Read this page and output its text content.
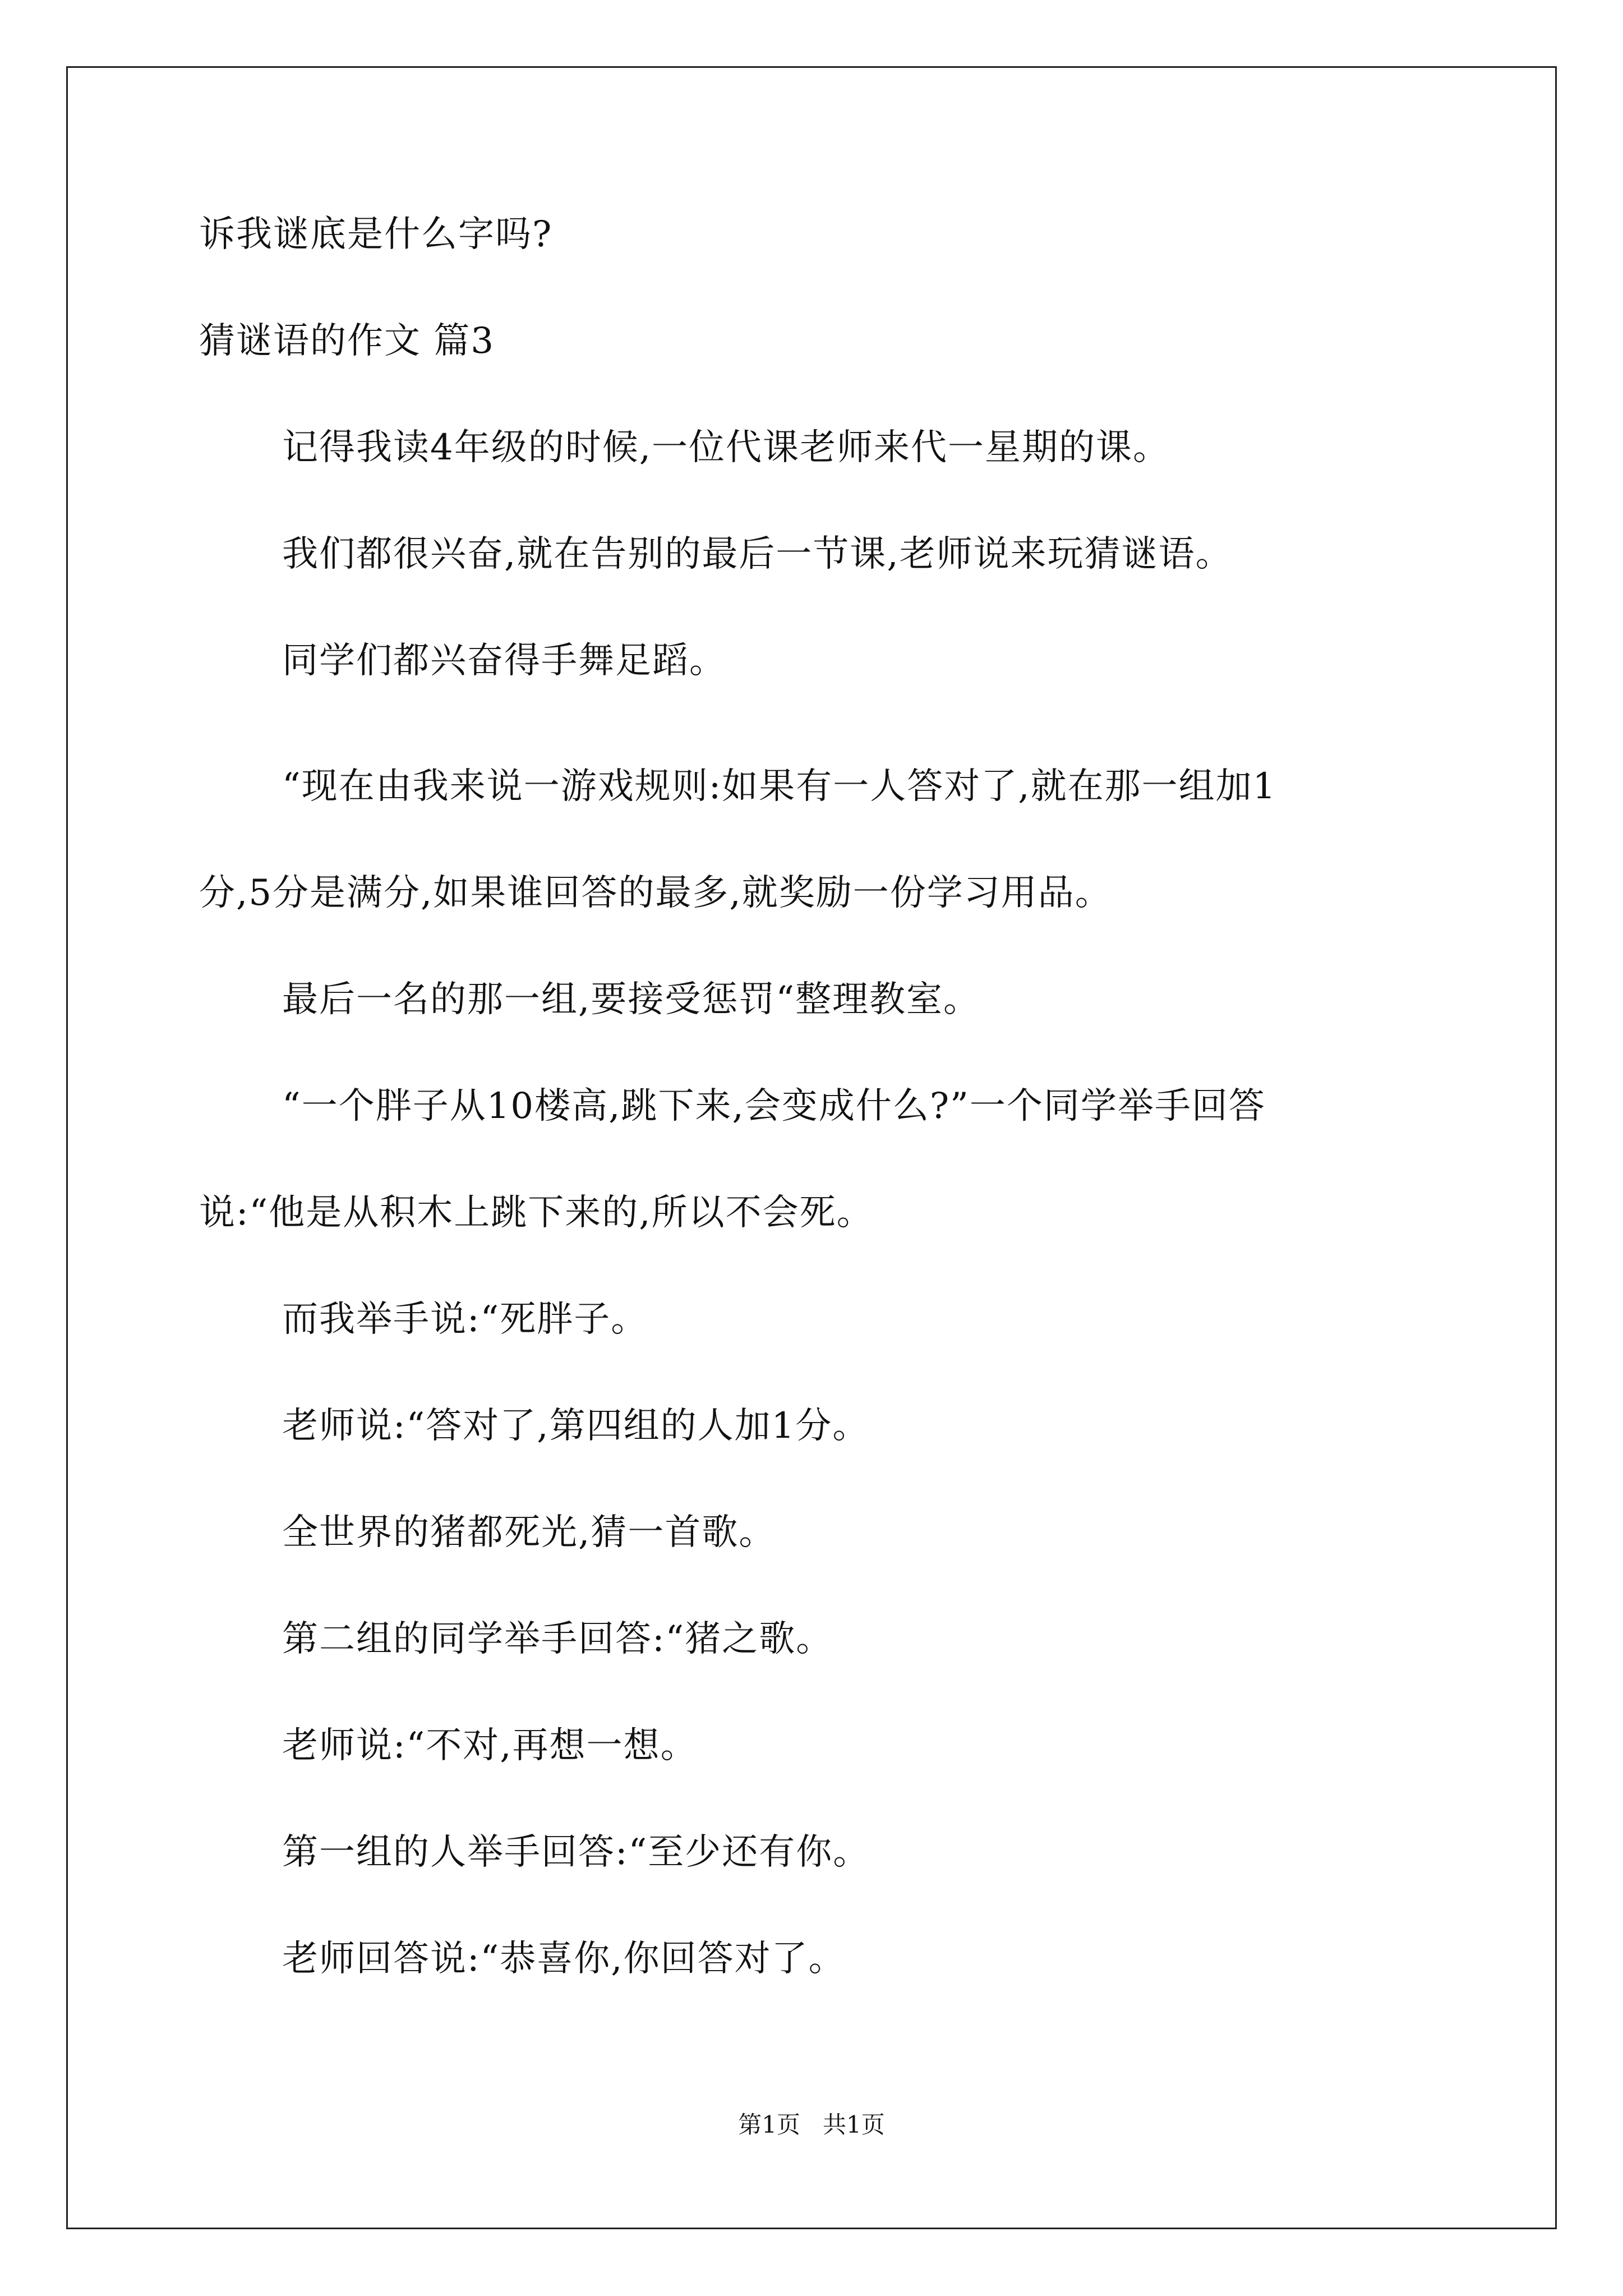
诉我谜底是什么字吗?
猜谜语的作文 篇3
记得我读4年级的时候,一位代课老师来代一星期的课。
我们都很兴奋,就在告别的最后一节课,老师说来玩猜谜语。
同学们都兴奋得手舞足蹈。
“现在由我来说一游戏规则:如果有一人答对了,就在那一组加1
分,5分是满分,如果谁回答的最多,就奖励一份学习用品。
最后一名的那一组,要接受惩罚“整理教室。
“一个胖子从10楼高,跳下来,会变成什么?”一个同学举手回答
说:“他是从积木上跳下来的,所以不会死。
而我举手说:“死胖子。
老师说:“答对了,第四组的人加1分。
全世界的猪都死光,猜一首歌。
第二组的同学举手回答:“猪之歌。
老师说:“不对,再想一想。
第一组的人举手回答:“至少还有你。
老师回答说:“恭喜你,你回答对了。
第1页   共1页
